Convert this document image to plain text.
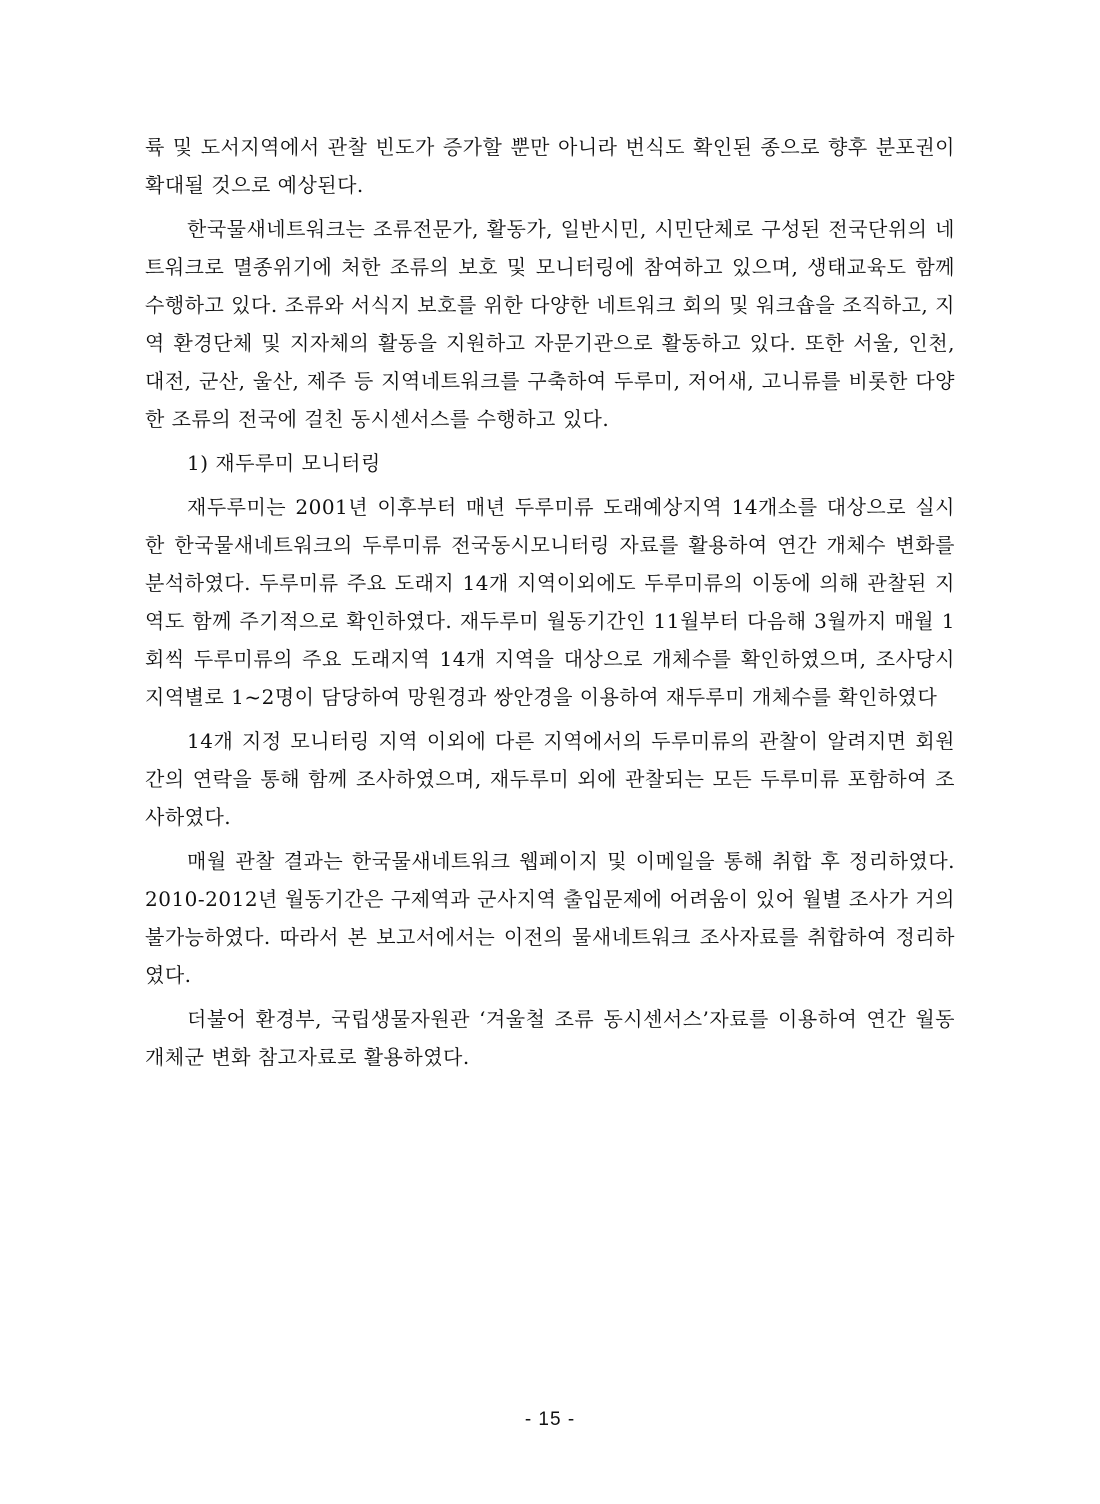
륙 및 도서지역에서 관찰 빈도가 증가할 뿐만 아니라 번식도 확인된 종으로 향후 분포권이 확대될 것으로 예상된다.

한국물새네트워크는 조류전문가, 활동가, 일반시민, 시민단체로 구성된 전국단위의 네트워크로 멸종위기에 처한 조류의 보호 및 모니터링에 참여하고 있으며, 생태교육도 함께 수행하고 있다. 조류와 서식지 보호를 위한 다양한 네트워크 회의 및 워크숍을 조직하고, 지역 환경단체 및 지자체의 활동을 지원하고 자문기관으로 활동하고 있다. 또한 서울, 인천, 대전, 군산, 울산, 제주 등 지역네트워크를 구축하여 두루미, 저어새, 고니류를 비롯한 다양한 조류의 전국에 걸친 동시센서스를 수행하고 있다.

1) 재두루미 모니터링

재두루미는 2001년 이후부터 매년 두루미류 도래예상지역 14개소를 대상으로 실시한 한국물새네트워크의 두루미류 전국동시모니터링 자료를 활용하여 연간 개체수 변화를 분석하였다. 두루미류 주요 도래지 14개 지역이외에도 두루미류의 이동에 의해 관찰된 지역도 함께 주기적으로 확인하였다. 재두루미 월동기간인 11월부터 다음해 3월까지 매월 1회씩 두루미류의 주요 도래지역 14개 지역을 대상으로 개체수를 확인하였으며, 조사당시 지역별로 1~2명이 담당하여 망원경과 쌍안경을 이용하여 재두루미 개체수를 확인하였다

14개 지정 모니터링 지역 이외에 다른 지역에서의 두루미류의 관찰이 알려지면 회원 간의 연락을 통해 함께 조사하였으며, 재두루미 외에 관찰되는 모든 두루미류 포함하여 조사하였다.

매월 관찰 결과는 한국물새네트워크 웹페이지 및 이메일을 통해 취합 후 정리하였다. 2010-2012년 월동기간은 구제역과 군사지역 출입문제에 어려움이 있어 월별 조사가 거의 불가능하였다. 따라서 본 보고서에서는 이전의 물새네트워크 조사자료를 취합하여 정리하였다.

더불어 환경부, 국립생물자원관 ‘겨울철 조류 동시센서스’자료를 이용하여 연간 월동개체군 변화 참고자료로 활용하였다.

- 15 -
